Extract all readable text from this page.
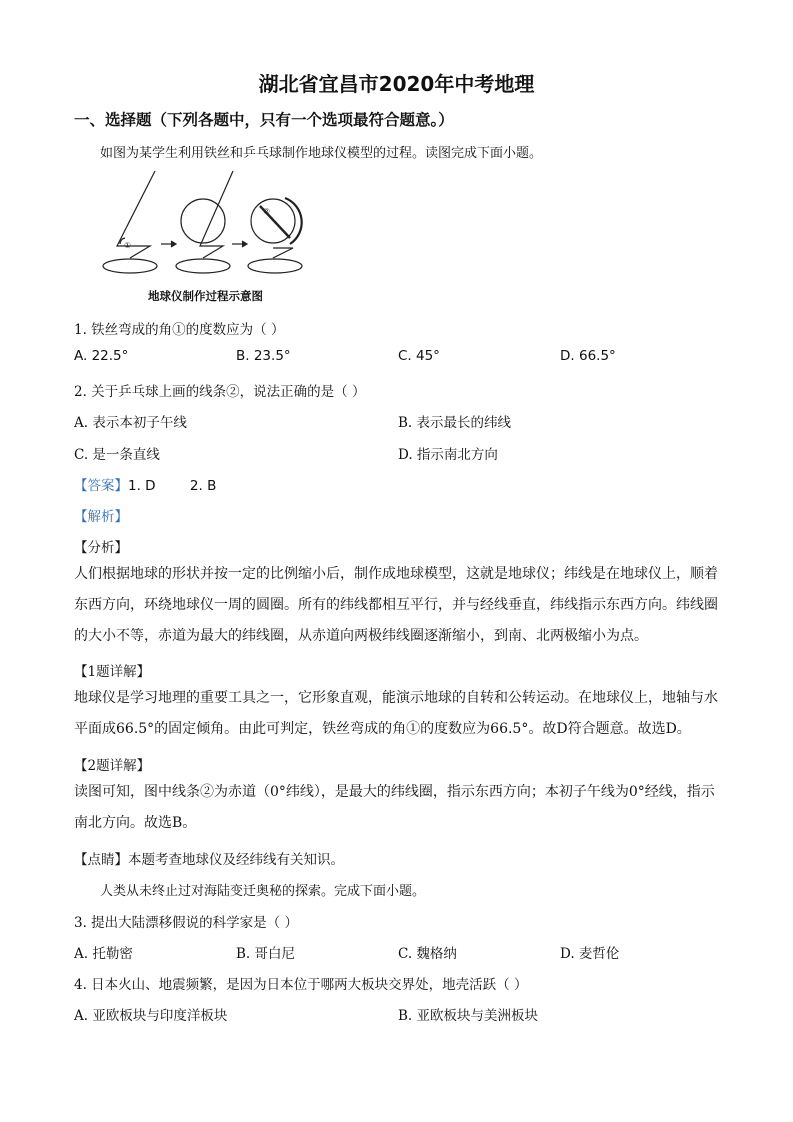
湖北省宜昌市2020年中考地理
一、选择题（下列各题中，只有一个选项最符合题意。）
如图为某学生利用铁丝和乒乓球制作地球仪模型的过程。读图完成下面小题。
①
②
地球仪制作过程示意图
1. 铁丝弯成的角①的度数应为（ ）
A. 22.5°	B. 23.5°	C. 45°	D. 66.5°
2. 关于乒乓球上画的线条②，说法正确的是（ ）
A. 表示本初子午线	B. 表示最长的纬线
C. 是一条直线	D. 指示南北方向
【答案】1. D        2. B
【解析】
【分析】
人们根据地球的形状并按一定的比例缩小后，制作成地球模型，这就是地球仪；纬线是在地球仪上，顺着
东西方向，环绕地球仪一周的圆圈。所有的纬线都相互平行，并与经线垂直，纬线指示东西方向。纬线圈
的大小不等，赤道为最大的纬线圈，从赤道向两极纬线圈逐渐缩小，到南、北两极缩小为点。
【1题详解】
地球仪是学习地理的重要工具之一，它形象直观，能演示地球的自转和公转运动。在地球仪上，地轴与水
平面成66.5°的固定倾角。由此可判定，铁丝弯成的角①的度数应为66.5°。故D符合题意。故选D。
【2题详解】
读图可知，图中线条②为赤道（0°纬线），是最大的纬线圈，指示东西方向；本初子午线为0°经线，指示
南北方向。故选B。
【点睛】本题考查地球仪及经纬线有关知识。
人类从未终止过对海陆变迁奥秘的探索。完成下面小题。
3. 提出大陆漂移假说的科学家是（ ）
A. 托勒密	B. 哥白尼	C. 魏格纳	D. 麦哲伦
4. 日本火山、地震频繁，是因为日本位于哪两大板块交界处，地壳活跃（ ）
A. 亚欧板块与印度洋板块	B. 亚欧板块与美洲板块
